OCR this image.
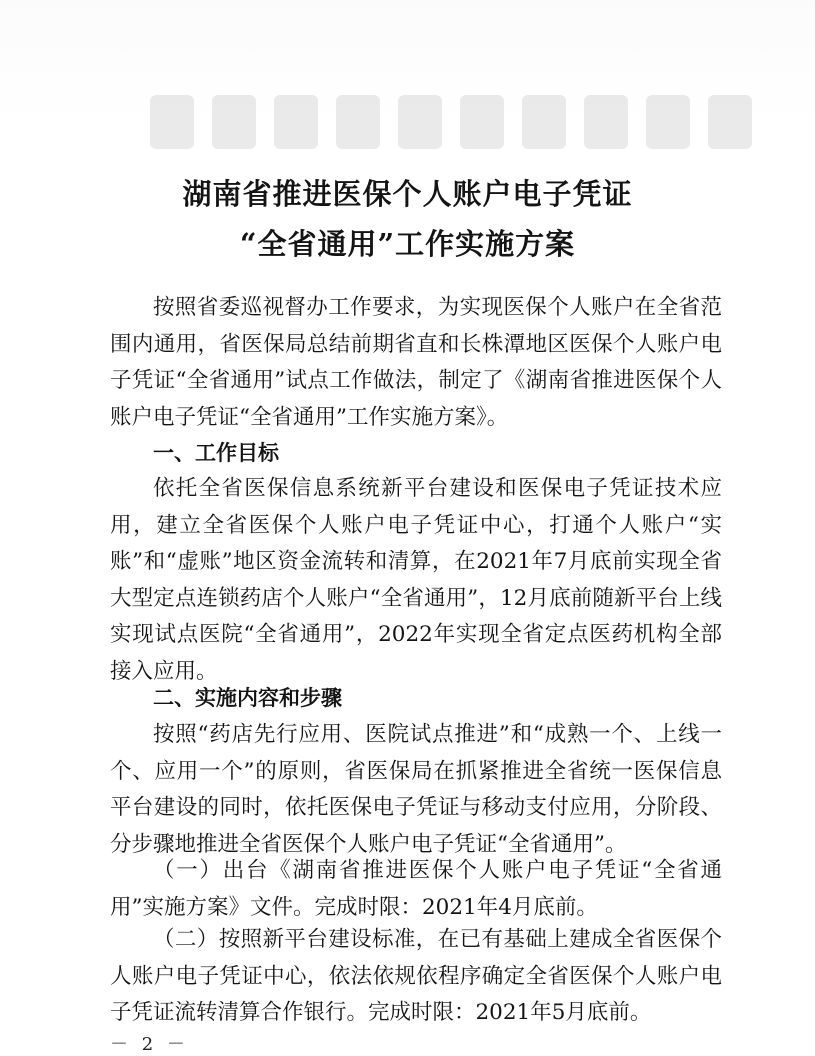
湖南省推进医保个人账户电子凭证
“全省通用”工作实施方案

按照省委巡视督办工作要求，为实现医保个人账户在全省范围内通用，省医保局总结前期省直和长株潭地区医保个人账户电子凭证“全省通用”试点工作做法，制定了《湖南省推进医保个人账户电子凭证“全省通用”工作实施方案》。

一、工作目标

依托全省医保信息系统新平台建设和医保电子凭证技术应用，建立全省医保个人账户电子凭证中心，打通个人账户“实账”和“虚账”地区资金流转和清算，在2021年7月底前实现全省大型定点连锁药店个人账户“全省通用”，12月底前随新平台上线实现试点医院“全省通用”，2022年实现全省定点医药机构全部接入应用。

二、实施内容和步骤

按照“药店先行应用、医院试点推进”和“成熟一个、上线一个、应用一个”的原则，省医保局在抓紧推进全省统一医保信息平台建设的同时，依托医保电子凭证与移动支付应用，分阶段、分步骤地推进全省医保个人账户电子凭证“全省通用”。

（一）出台《湖南省推进医保个人账户电子凭证“全省通用”实施方案》文件。完成时限：2021年4月底前。

（二）按照新平台建设标准，在已有基础上建成全省医保个人账户电子凭证中心，依法依规依程序确定全省医保个人账户电子凭证流转清算合作银行。完成时限：2021年5月底前。

－ 2 －
